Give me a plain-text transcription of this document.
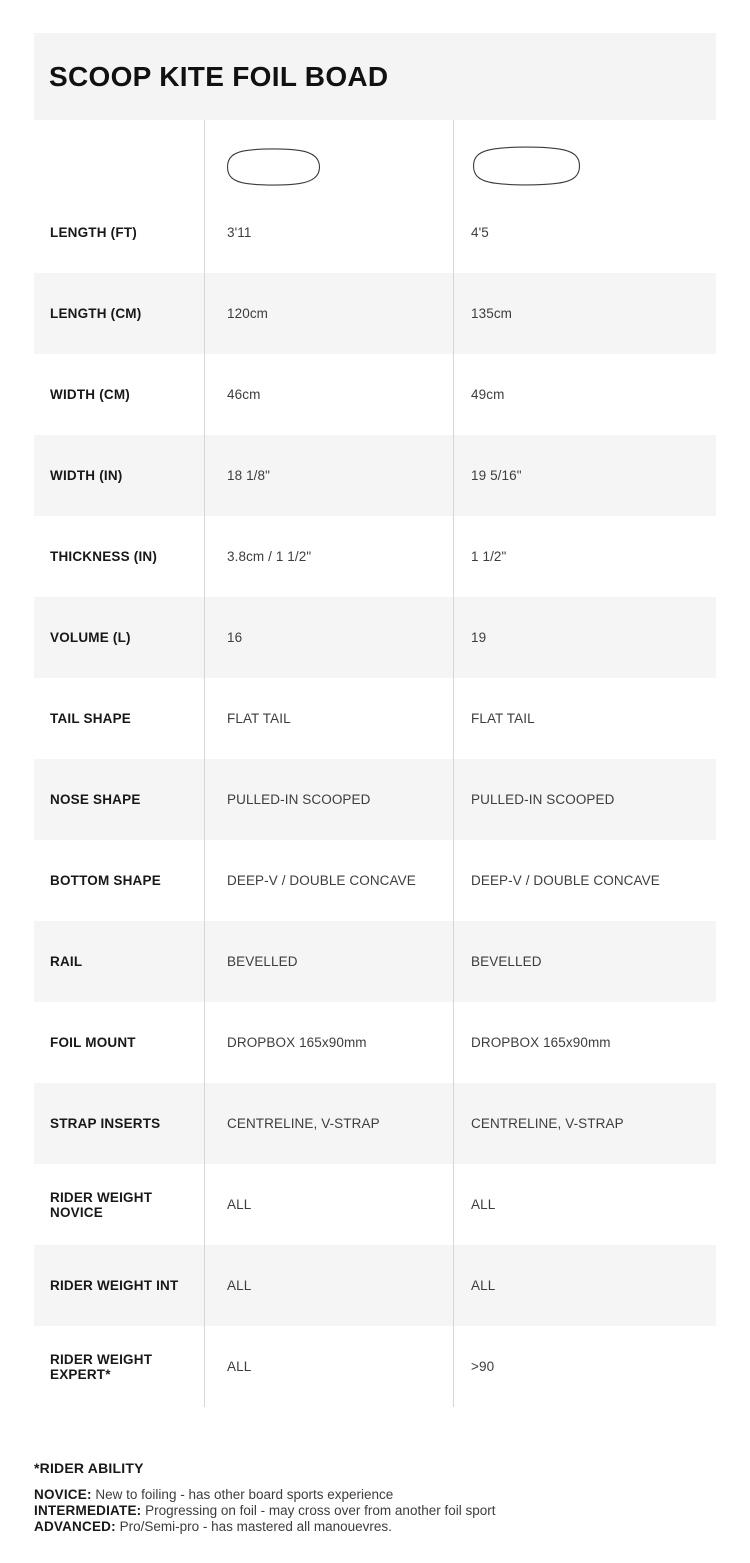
SCOOP KITE FOIL BOAD
LENGTH (FT)	3'11	4'5
LENGTH (CM)	120cm	135cm
WIDTH (CM)	46cm	49cm
WIDTH (IN)	18 1/8"	19 5/16"
THICKNESS (IN)	3.8cm / 1 1/2"	1 1/2"
VOLUME (L)	16	19
TAIL SHAPE	FLAT TAIL	FLAT TAIL
NOSE SHAPE	PULLED-IN SCOOPED	PULLED-IN SCOOPED
BOTTOM SHAPE	DEEP-V / DOUBLE CONCAVE	DEEP-V / DOUBLE CONCAVE
RAIL	BEVELLED	BEVELLED
FOIL MOUNT	DROPBOX 165x90mm	DROPBOX 165x90mm
STRAP INSERTS	CENTRELINE, V-STRAP	CENTRELINE, V-STRAP
RIDER WEIGHT NOVICE	ALL	ALL
RIDER WEIGHT INT	ALL	ALL
RIDER WEIGHT EXPERT*	ALL	>90
*RIDER ABILITY

NOVICE: New to foiling - has other board sports experience

INTERMEDIATE: Progressing on foil - may cross over from another foil sport

ADVANCED: Pro/Semi-pro - has mastered all manouevres.
